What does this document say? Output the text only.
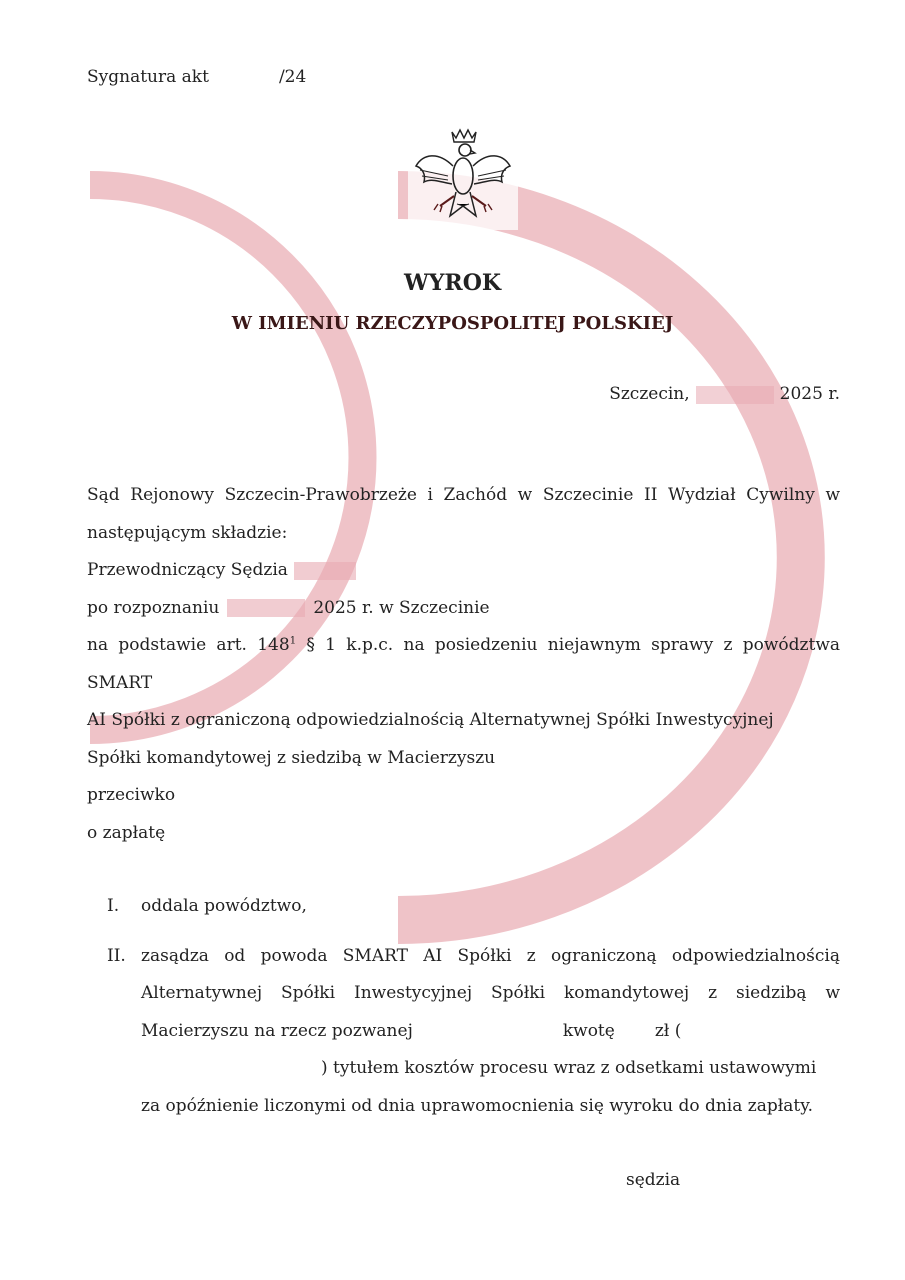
Sygnatura akt	/24
WYROK
W IMIENIU RZECZYPOSPOLITEJ POLSKIEJ
Szczecin,	2025 r.

Sąd Rejonowy Szczecin-Prawobrzeże i Zachód w Szczecinie II Wydział Cywilny w

następującym składzie:

Przewodniczący Sędzia

po rozpoznaniu	2025 r. w Szczecinie

na podstawie art. $148^1$ § 1 k.p.c. na posiedzeniu niejawnym sprawy z powództwa SMART

AI Spółki z ograniczoną odpowiedzialnością Alternatywnej Spółki Inwestycyjnej

Spółki komandytowej z siedzibą w Macierzyszu

przeciwko

o zapłatę

I. oddala powództwo,
II. zasądza od powoda SMART AI Spółki z ograniczoną odpowiedzialnością
Alternatywnej Spółki Inwestycyjnej Spółki komandytowej z siedzibą w
Macierzyszu na rzecz pozwanej	kwotę zł (
) tytułem kosztów procesu wraz z odsetkami ustawowymi
za opóźnienie liczonymi od dnia uprawomocnienia się wyroku do dnia zapłaty.
sędzia
